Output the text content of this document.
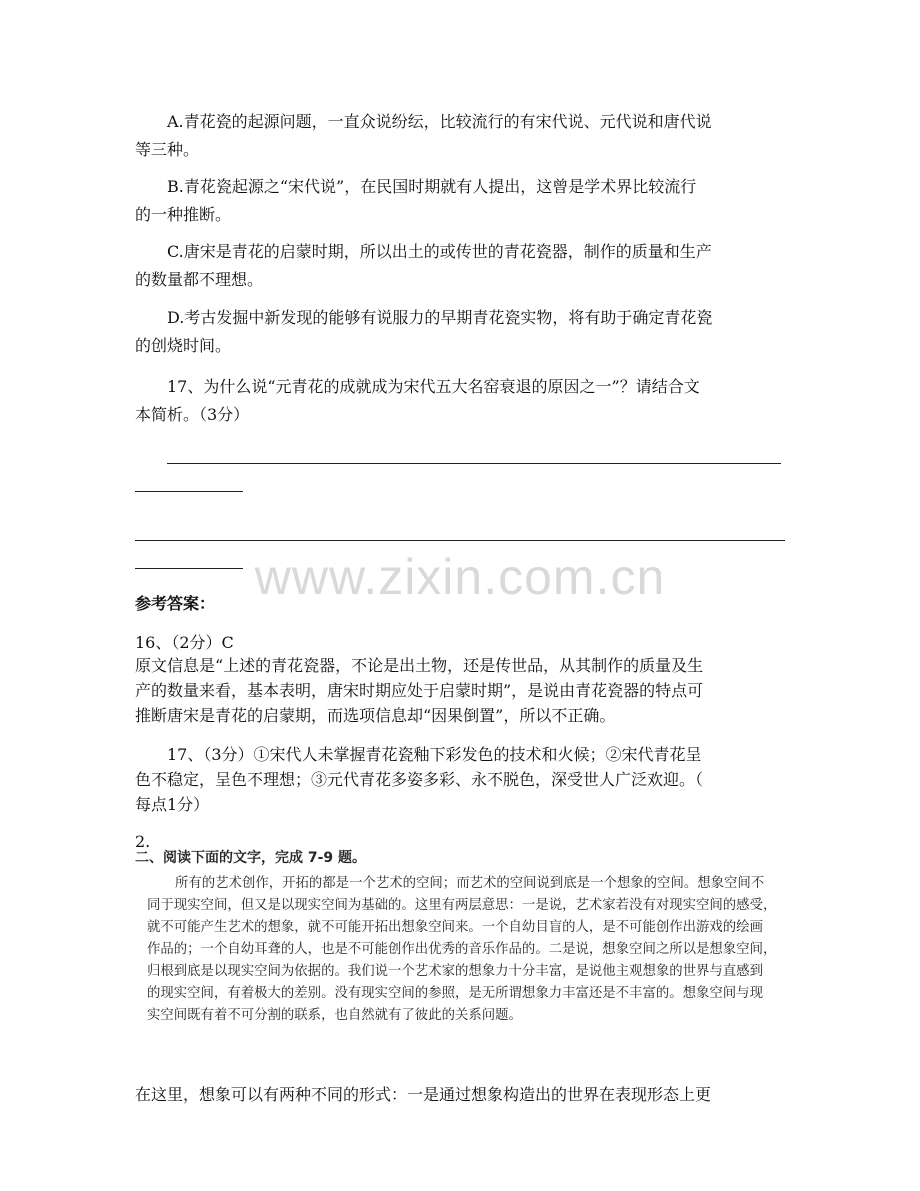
A.青花瓷的起源问题，一直众说纷纭，比较流行的有宋代说、元代说和唐代说
等三种。
B.青花瓷起源之“宋代说”，在民国时期就有人提出，这曾是学术界比较流行
的一种推断。
C.唐宋是青花的启蒙时期，所以出土的或传世的青花瓷器，制作的质量和生产
的数量都不理想。
D.考古发掘中新发现的能够有说服力的早期青花瓷实物，将有助于确定青花瓷
的创烧时间。
17、为什么说“元青花的成就成为宋代五大名窑衰退的原因之一”？请结合文
本简析。（3分）
www.zixin.com.cn
参考答案：
16、（2分）C
原文信息是“上述的青花瓷器，不论是出土物，还是传世品，从其制作的质量及生
产的数量来看，基本表明，唐宋时期应处于启蒙时期”，是说由青花瓷器的特点可
推断唐宋是青花的启蒙期，而选项信息却“因果倒置”，所以不正确。
17、（3分）①宋代人未掌握青花瓷釉下彩发色的技术和火候；②宋代青花呈
色不稳定，呈色不理想；③元代青花多姿多彩、永不脱色，深受世人广泛欢迎。（
每点1分）
2.
二、阅读下面的文字，完成 7-9 题。
所有的艺术创作，开拓的都是一个艺术的空间；而艺术的空间说到底是一个想象的空间。想象空间不
同于现实空间，但又是以现实空间为基础的。这里有两层意思：一是说，艺术家若没有对现实空间的感受，
就不可能产生艺术的想象，就不可能开拓出想象空间来。一个自幼目盲的人，是不可能创作出游戏的绘画
作品的；一个自幼耳聋的人，也是不可能创作出优秀的音乐作品的。二是说，想象空间之所以是想象空间，
归根到底是以现实空间为依据的。我们说一个艺术家的想象力十分丰富，是说他主观想象的世界与直感到
的现实空间，有着极大的差别。没有现实空间的参照，是无所谓想象力丰富还是不丰富的。想象空间与现
实空间既有着不可分割的联系，也自然就有了彼此的关系问题。
在这里，想象可以有两种不同的形式：一是通过想象构造出的世界在表现形态上更
